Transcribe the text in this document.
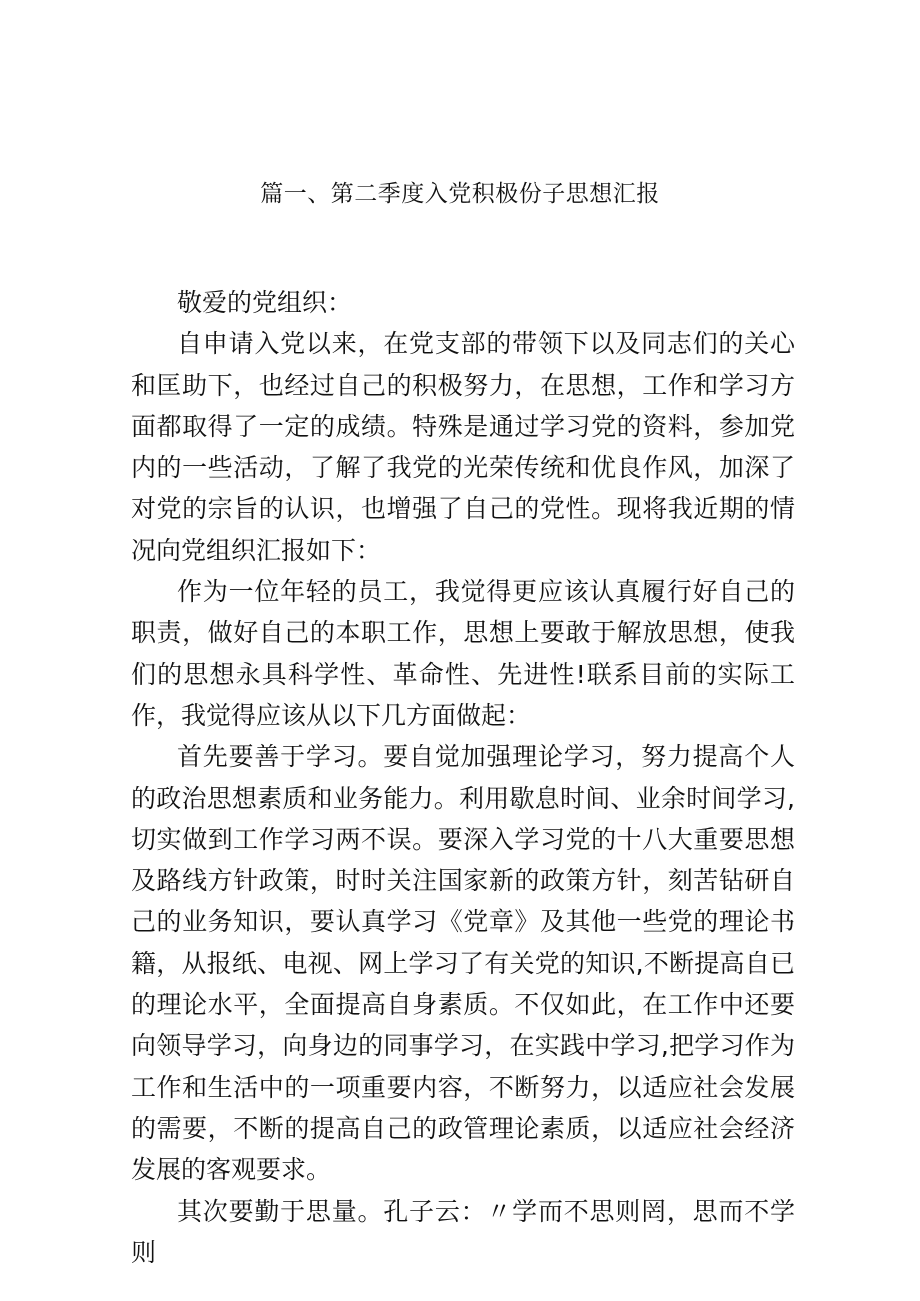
篇一、第二季度入党积极份子思想汇报

敬爱的党组织：

自申请入党以来，在党支部的带领下以及同志们的关心和匡助下，也经过自己的积极努力，在思想，工作和学习方面都取得了一定的成绩。特殊是通过学习党的资料，参加党内的一些活动，了解了我党的光荣传统和优良作风，加深了对党的宗旨的认识，也增强了自己的党性。现将我近期的情况向党组织汇报如下：

作为一位年轻的员工，我觉得更应该认真履行好自己的职责，做好自己的本职工作，思想上要敢于解放思想，使我们的思想永具科学性、革命性、先进性!联系目前的实际工作，我觉得应该从以下几方面做起：

首先要善于学习。要自觉加强理论学习，努力提高个人的政治思想素质和业务能力。利用歇息时间、业余时间学习,切实做到工作学习两不误。要深入学习党的十八大重要思想及路线方针政策，时时关注国家新的政策方针，刻苦钻研自己的业务知识，要认真学习《党章》及其他一些党的理论书籍，从报纸、电视、网上学习了有关党的知识,不断提高自已的理论水平，全面提高自身素质。不仅如此，在工作中还要向领导学习，向身边的同事学习，在实践中学习,把学习作为工作和生活中的一项重要内容，不断努力，以适应社会发展的需要，不断的提高自己的政管理论素质，以适应社会经济发展的客观要求。

其次要勤于思量。孔子云：〃学而不思则罔，思而不学则
